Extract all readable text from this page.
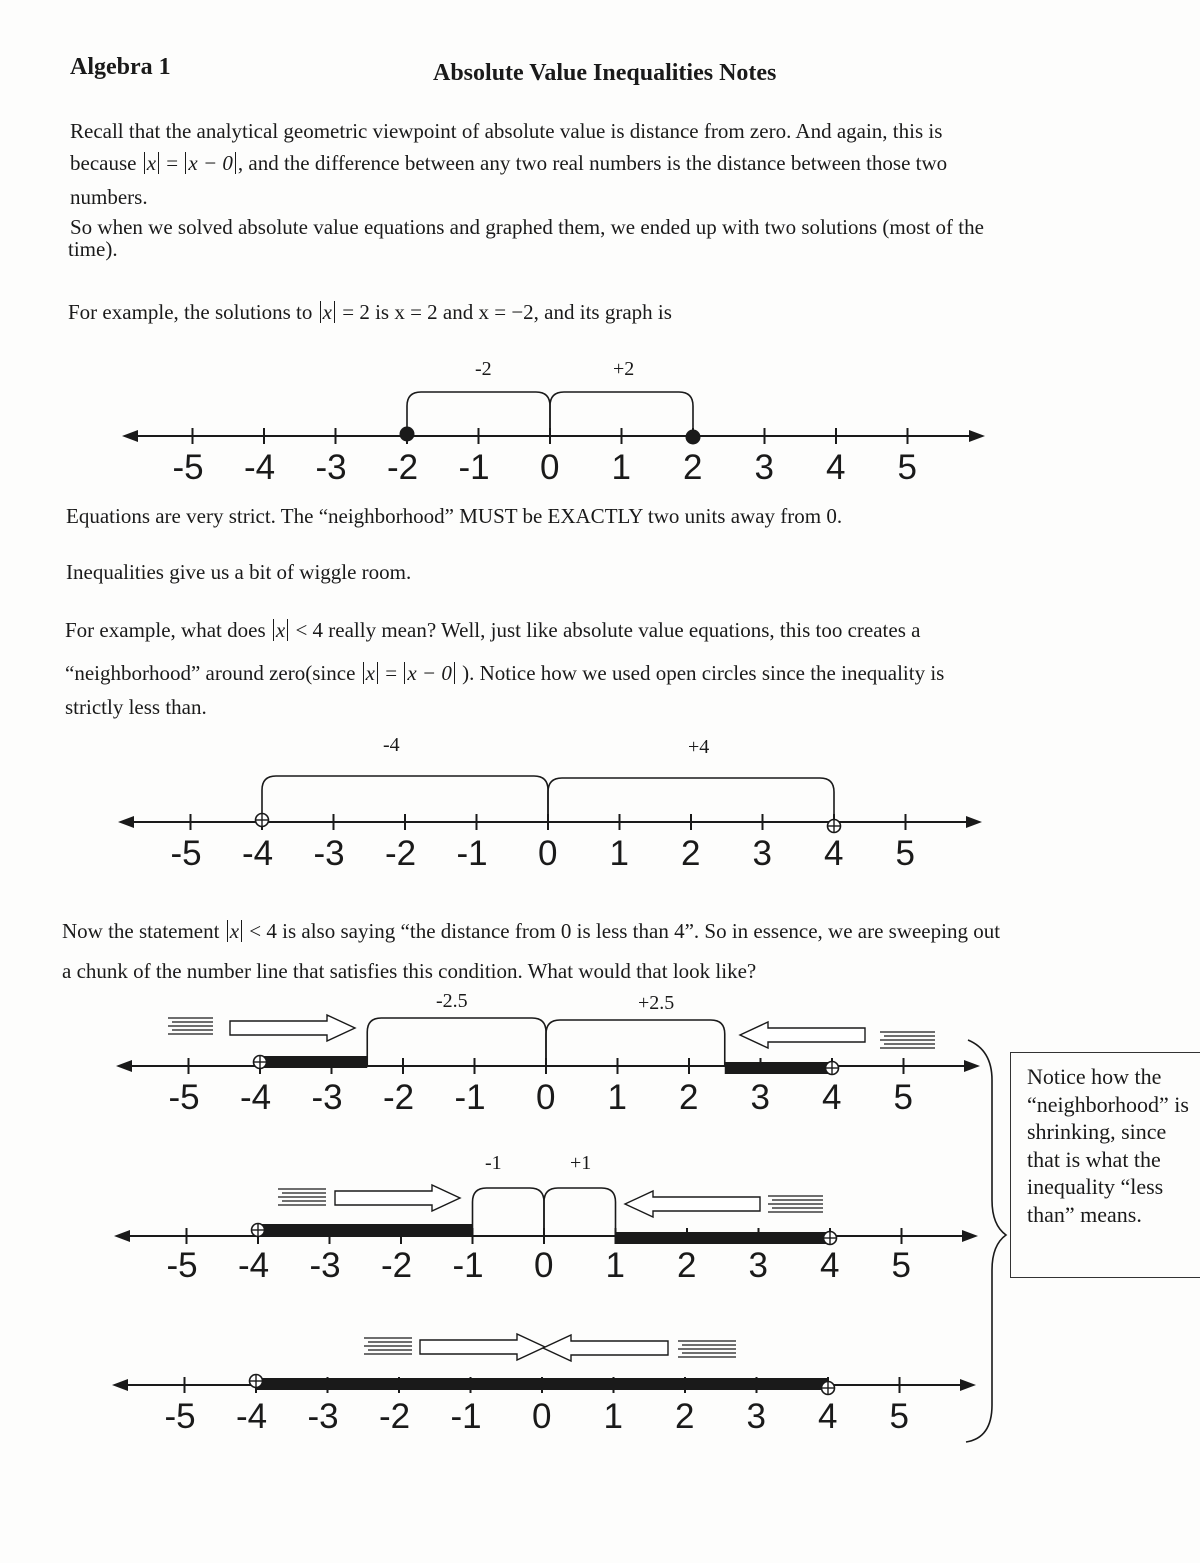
Algebra 1	Absolute Value Inequalities Notes
Recall that the analytical geometric viewpoint of absolute value is distance from zero. And again, this is
because x = x − 0 , and the difference between any two real numbers is the distance between those two
numbers.
So when we solved absolute value equations and graphed them, we ended up with two solutions (most of the
time).
For example, the solutions to x = 2 is x = 2 and x = −2, and its graph is
-2	+2
Equations are very strict. The “neighborhood” MUST be EXACTLY two units away from 0.
Inequalities give us a bit of wiggle room.
For example, what does x < 4 really mean? Well, just like absolute value equations, this too creates a
“neighborhood” around zero(since x = x − 0 ). Notice how we used open circles since the inequality is
strictly less than.
-4	+4
Now the statement x < 4 is also saying “the distance from 0 is less than 4”. So in essence, we are sweeping out
a chunk of the number line that satisfies this condition. What would that look like?
-2.5	+2.5
-1	+1
Notice how the “neighborhood” is shrinking, since that is what the inequality “less than” means.
-5 -4 -3 -2 -1 0 1 2 3 4 5
-5 -4 -3 -2 -1 0 1 2 3 4 5
-5 -4 -3 -2 -1 0 1 2 3 4 5
-5 -4 -3 -2 -1 0 1 2 3 4 5
-5 -4 -3 -2 -1 0 1 2 3 4 5
